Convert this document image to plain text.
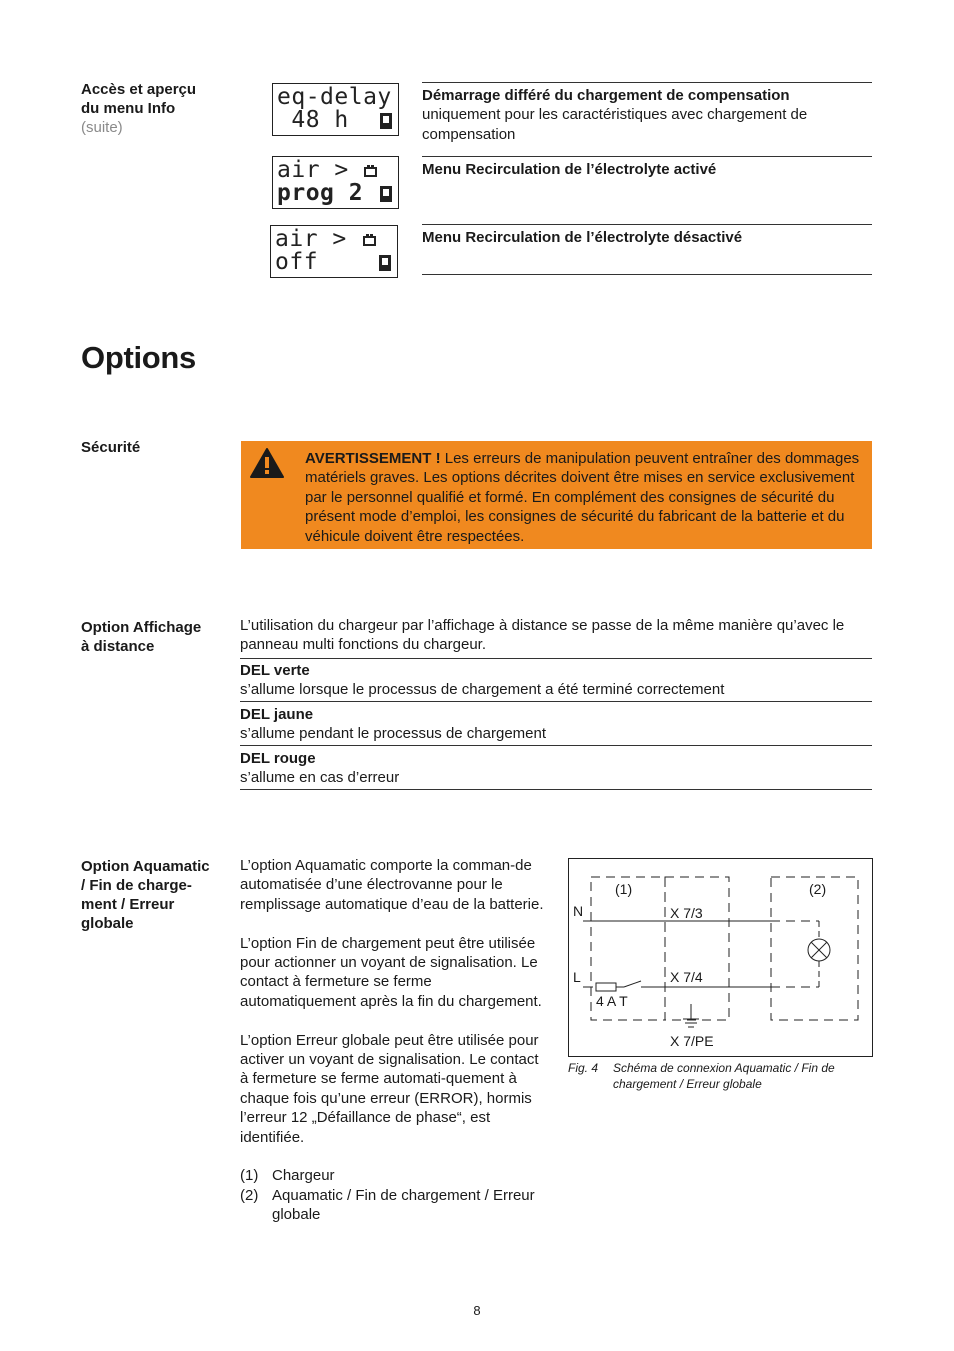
Accès et aperçu
du menu Info
(suite)
eq-delay
48 h
air >
prog 2
air >
off
Démarrage différé du chargement de compensation
uniquement pour les caractéristiques avec chargement de compensation
Menu Recirculation de l’électrolyte activé
Menu Recirculation de l’électrolyte désactivé
Options
Sécurité
AVERTISSEMENT ! Les erreurs de manipulation peuvent entraîner des dommages matériels graves. Les options décrites doivent être mises en service exclusivement par le personnel qualifié et formé. En complément des consignes de sécurité du présent mode d’emploi, les consignes de sécurité du fabricant de la batterie et du véhicule doivent être respectées.
Option Affichage
à distance
L’utilisation du chargeur par l’affichage à distance se passe de la même manière qu’avec le panneau multi fonctions du chargeur.
DEL verte
s’allume lorsque le processus de chargement a été terminé correctement
DEL jaune
s’allume pendant le processus de chargement
DEL rouge
s’allume en cas d’erreur
Option Aquamatic
/ Fin de charge-
ment / Erreur
globale
L’option Aquamatic comporte la comman-de automatisée d’une électrovanne pour le remplissage automatique d’eau de la batterie.
L’option Fin de chargement peut être utilisée pour actionner un voyant de signalisation. Le contact à fermeture se ferme automatiquement après la fin du chargement.
L’option Erreur globale peut être utilisée pour activer un voyant de signalisation. Le contact à fermeture se ferme automati-quement à chaque fois qu’une erreur (ERROR), hormis l’erreur 12 „Défaillance de phase“, est identifiée.
(1) Chargeur
(2) Aquamatic / Fin de chargement / Erreur globale
N
L
(1)	(2)
X 7/3
X 7/4
4 A T
X 7/PE
Fig. 4	Schéma de connexion Aquamatic / Fin de chargement / Erreur globale
8
